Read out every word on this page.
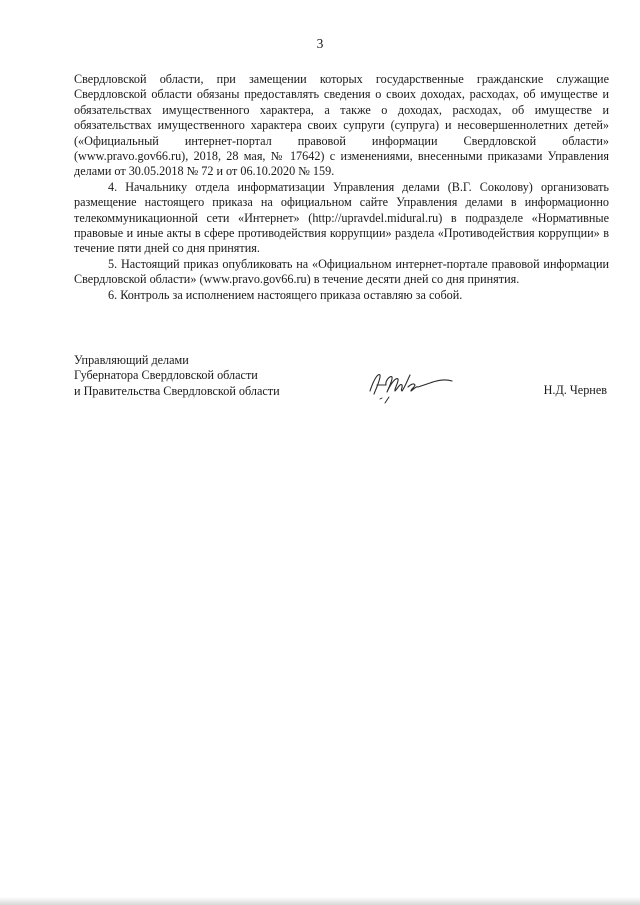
3

Свердловской области, при замещении которых государственные гражданские служащие Свердловской области обязаны предоставлять сведения о своих доходах, расходах, об имуществе и обязательствах имущественного характера, а также о доходах, расходах, об имуществе и обязательствах имущественного характера своих супруги (супруга) и несовершеннолетних детей» («Официальный интернет-портал правовой информации Свердловской области» (www.pravo.gov66.ru), 2018, 28 мая, № 17642) с изменениями, внесенными приказами Управления делами от 30.05.2018 № 72 и от 06.10.2020 № 159.

4. Начальнику отдела информатизации Управления делами (В.Г. Соколову) организовать размещение настоящего приказа на официальном сайте Управления делами в информационно телекоммуникационной сети «Интернет» (http://upravdel.midural.ru) в подразделе «Нормативные правовые и иные акты в сфере противодействия коррупции» раздела «Противодействия коррупции» в течение пяти дней со дня принятия.

5. Настоящий приказ опубликовать на «Официальном интернет-портале правовой информации Свердловской области» (www.pravo.gov66.ru) в течение десяти дней со дня принятия.

6. Контроль за исполнением настоящего приказа оставляю за собой.

Управляющий делами
Губернатора Свердловской области
и Правительства Свердловской области	Н.Д. Чернев
